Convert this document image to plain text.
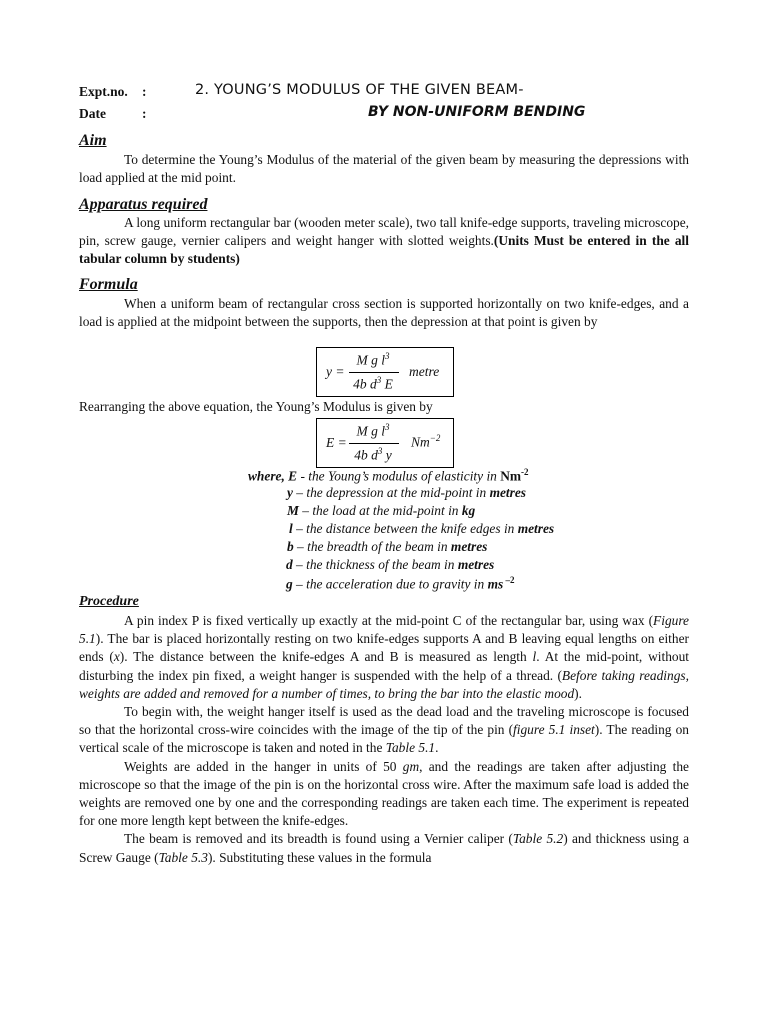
Expt.no. :
Date	:
2. YOUNG’S MODULUS OF THE GIVEN BEAM-
BY NON-UNIFORM BENDING
Aim

To determine the Young’s Modulus of the material of the given beam by measuring the depressions with load applied at the mid point.

Apparatus required

A long uniform rectangular bar (wooden meter scale), two tall knife-edge supports, traveling microscope, pin, screw gauge, vernier calipers and weight hanger with slotted weights.(Units Must be entered in the all tabular column by students)

Formula

When a uniform beam of rectangular cross section is supported horizontally on two knife-edges, and a load is applied at the midpoint between the supports, then the depression at that point is given by

y =
M g $l^3$
4b $d^3$ E
metre

Rearranging the above equation, the Young’s Modulus is given by

E =
M g $l^3$
4b $d^3$ y
$Nm^{-2}$
where, E - the Young’s modulus of elasticity in $Nm^{-2}$
y – the depression at the mid-point in metres
M – the load at the mid-point in kg
l – the distance between the knife edges in metres
b – the breadth of the beam in metres
d – the thickness of the beam in metres
g – the acceleration due to gravity in ms $^{-2}$
Procedure

A pin index P is fixed vertically up exactly at the mid-point C of the rectangular bar, using wax (Figure 5.1). The bar is placed horizontally resting on two knife-edges supports A and B leaving equal lengths on either ends (x). The distance between the knife-edges A and B is measured as length l. At the mid-point, without disturbing the index pin fixed, a weight hanger is suspended with the help of a thread. (Before taking readings, weights are added and removed for a number of times, to bring the bar into the elastic mood).

To begin with, the weight hanger itself is used as the dead load and the traveling microscope is focused so that the horizontal cross-wire coincides with the image of the tip of the pin (figure 5.1 inset). The reading on vertical scale of the microscope is taken and noted in the Table 5.1.

Weights are added in the hanger in units of 50 gm, and the readings are taken after adjusting the microscope so that the image of the pin is on the horizontal cross wire. After the maximum safe load is added the weights are removed one by one and the corresponding readings are taken each time. The experiment is repeated for one more length kept between the knife-edges.

The beam is removed and its breadth is found using a Vernier caliper (Table 5.2) and thickness using a Screw Gauge (Table 5.3). Substituting these values in the formula
